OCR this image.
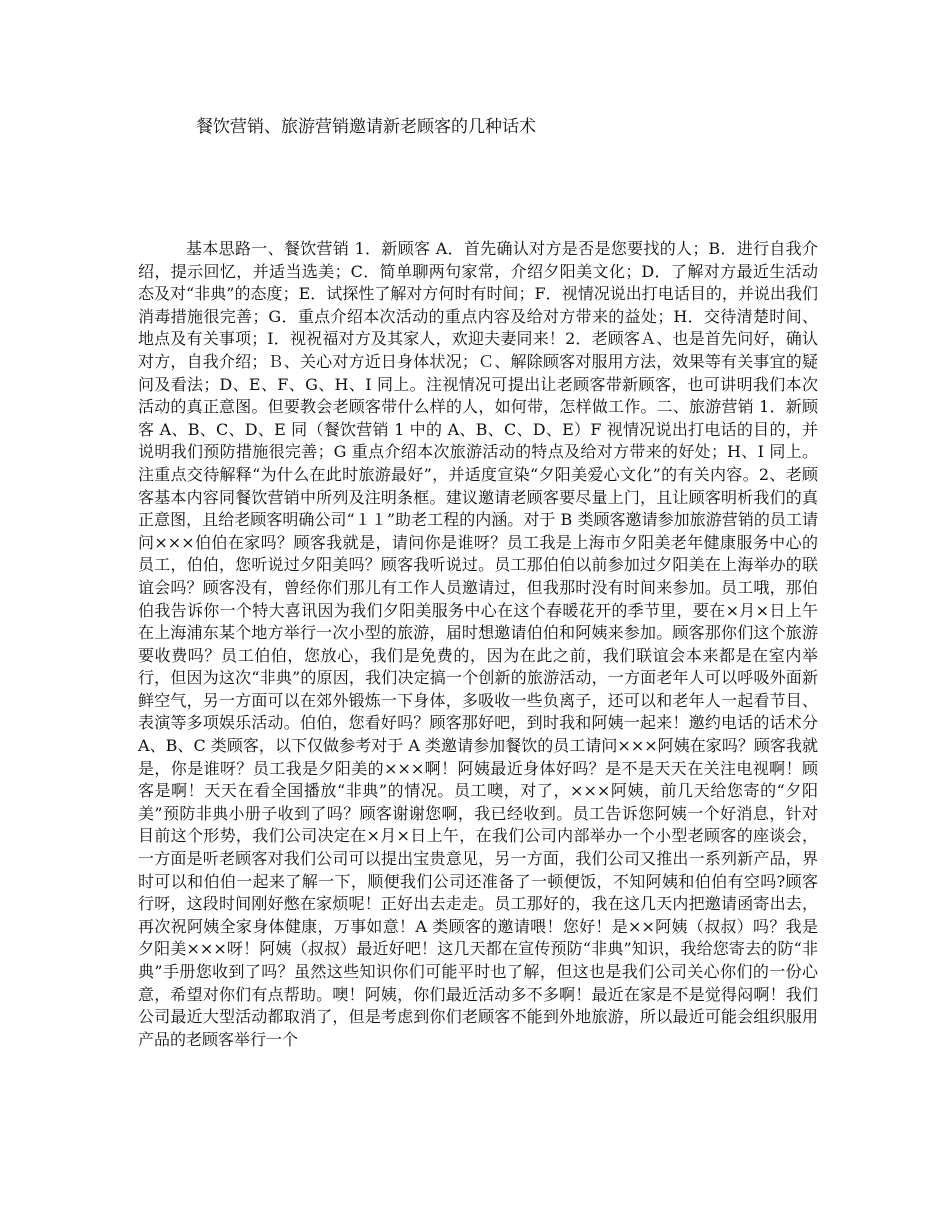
餐饮营销、旅游营销邀请新老顾客的几种话术

基本思路一、餐饮营销 1．新顾客 A．首先确认对方是否是您要找的人；B．进行自我介绍，提示回忆，并适当选美；C．简单聊两句家常，介绍夕阳美文化；D．了解对方最近生活动态及对“非典”的态度；E．试探性了解对方何时有时间；F．视情况说出打电话目的，并说出我们消毒措施很完善；G．重点介绍本次活动的重点内容及给对方带来的益处；H．交待清楚时间、地点及有关事项；I．视祝福对方及其家人，欢迎夫妻同来！2．老顾客Ａ、也是首先问好，确认对方，自我介绍；Ｂ、关心对方近日身体状况；Ｃ、解除顾客对服用方法，效果等有关事宜的疑问及看法；D、E、F、G、H、I 同上。注视情况可提出让老顾客带新顾客，也可讲明我们本次活动的真正意图。但要教会老顾客带什么样的人，如何带，怎样做工作。二、旅游营销 1．新顾客 A、B、C、D、E 同（餐饮营销 1 中的 A、B、C、D、E）F 视情况说出打电话的目的，并说明我们预防措施很完善；G 重点介绍本次旅游活动的特点及给对方带来的好处；H、I 同上。注重点交待解释“为什么在此时旅游最好”，并适度宣染“夕阳美爱心文化”的有关内容。2、老顾客基本内容同餐饮营销中所列及注明条框。建议邀请老顾客要尽量上门，且让顾客明析我们的真正意图，且给老顾客明确公司“１１”助老工程的内涵。对于 B 类顾客邀请参加旅游营销的员工请问×××伯伯在家吗？顾客我就是，请问你是谁呀？员工我是上海市夕阳美老年健康服务中心的员工，伯伯，您听说过夕阳美吗？顾客我听说过。员工那伯伯以前参加过夕阳美在上海举办的联谊会吗？顾客没有，曾经你们那儿有工作人员邀请过，但我那时没有时间来参加。员工哦，那伯伯我告诉你一个特大喜讯因为我们夕阳美服务中心在这个春暖花开的季节里，要在×月×日上午在上海浦东某个地方举行一次小型的旅游，届时想邀请伯伯和阿姨来参加。顾客那你们这个旅游要收费吗？员工伯伯，您放心，我们是免费的，因为在此之前，我们联谊会本来都是在室内举行，但因为这次“非典”的原因，我们决定搞一个创新的旅游活动，一方面老年人可以呼吸外面新鲜空气，另一方面可以在郊外锻炼一下身体，多吸收一些负离子，还可以和老年人一起看节目、表演等多项娱乐活动。伯伯，您看好吗？顾客那好吧，到时我和阿姨一起来！邀约电话的话术分 A、B、C 类顾客，以下仅做参考对于 A 类邀请参加餐饮的员工请问×××阿姨在家吗？顾客我就是，你是谁呀？员工我是夕阳美的×××啊！阿姨最近身体好吗？是不是天天在关注电视啊！顾客是啊！天天在看全国播放“非典”的情况。员工噢，对了，×××阿姨，前几天给您寄的“夕阳美”预防非典小册子收到了吗？顾客谢谢您啊，我已经收到。员工告诉您阿姨一个好消息，针对目前这个形势，我们公司决定在×月×日上午，在我们公司内部举办一个小型老顾客的座谈会，一方面是听老顾客对我们公司可以提出宝贵意见，另一方面，我们公司又推出一系列新产品，界时可以和伯伯一起来了解一下，顺便我们公司还准备了一顿便饭，不知阿姨和伯伯有空吗?顾客行呀，这段时间刚好憋在家烦呢！正好出去走走。员工那好的，我在这几天内把邀请函寄出去，再次祝阿姨全家身体健康，万事如意！A 类顾客的邀请喂！您好！是××阿姨（叔叔）吗？我是夕阳美×××呀！阿姨（叔叔）最近好吧！这几天都在宣传预防“非典”知识，我给您寄去的防“非典”手册您收到了吗？虽然这些知识你们可能平时也了解，但这也是我们公司关心你们的一份心意，希望对你们有点帮助。噢！阿姨，你们最近活动多不多啊！最近在家是不是觉得闷啊！我们公司最近大型活动都取消了，但是考虑到你们老顾客不能到外地旅游，所以最近可能会组织服用产品的老顾客举行一个
